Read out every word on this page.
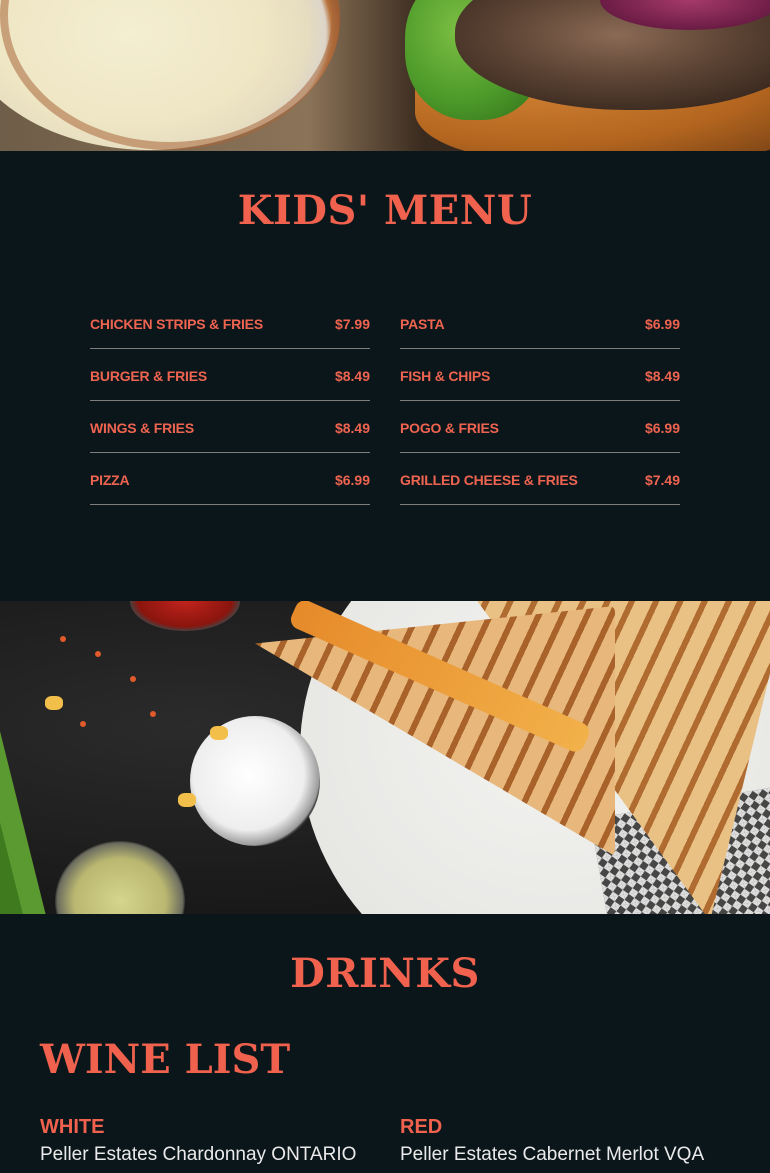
KIDS' MENU
CHICKEN STRIPS & FRIES	$7.99
BURGER & FRIES	$8.49
WINGS & FRIES	$8.49
PIZZA	$6.99
PASTA	$6.99
FISH & CHIPS	$8.49
POGO & FRIES	$6.99
GRILLED CHEESE & FRIES	$7.49
DRINKS
WINE LIST
WHITE
Peller Estates Chardonnay ONTARIO
RED
Peller Estates Cabernet Merlot VQA
